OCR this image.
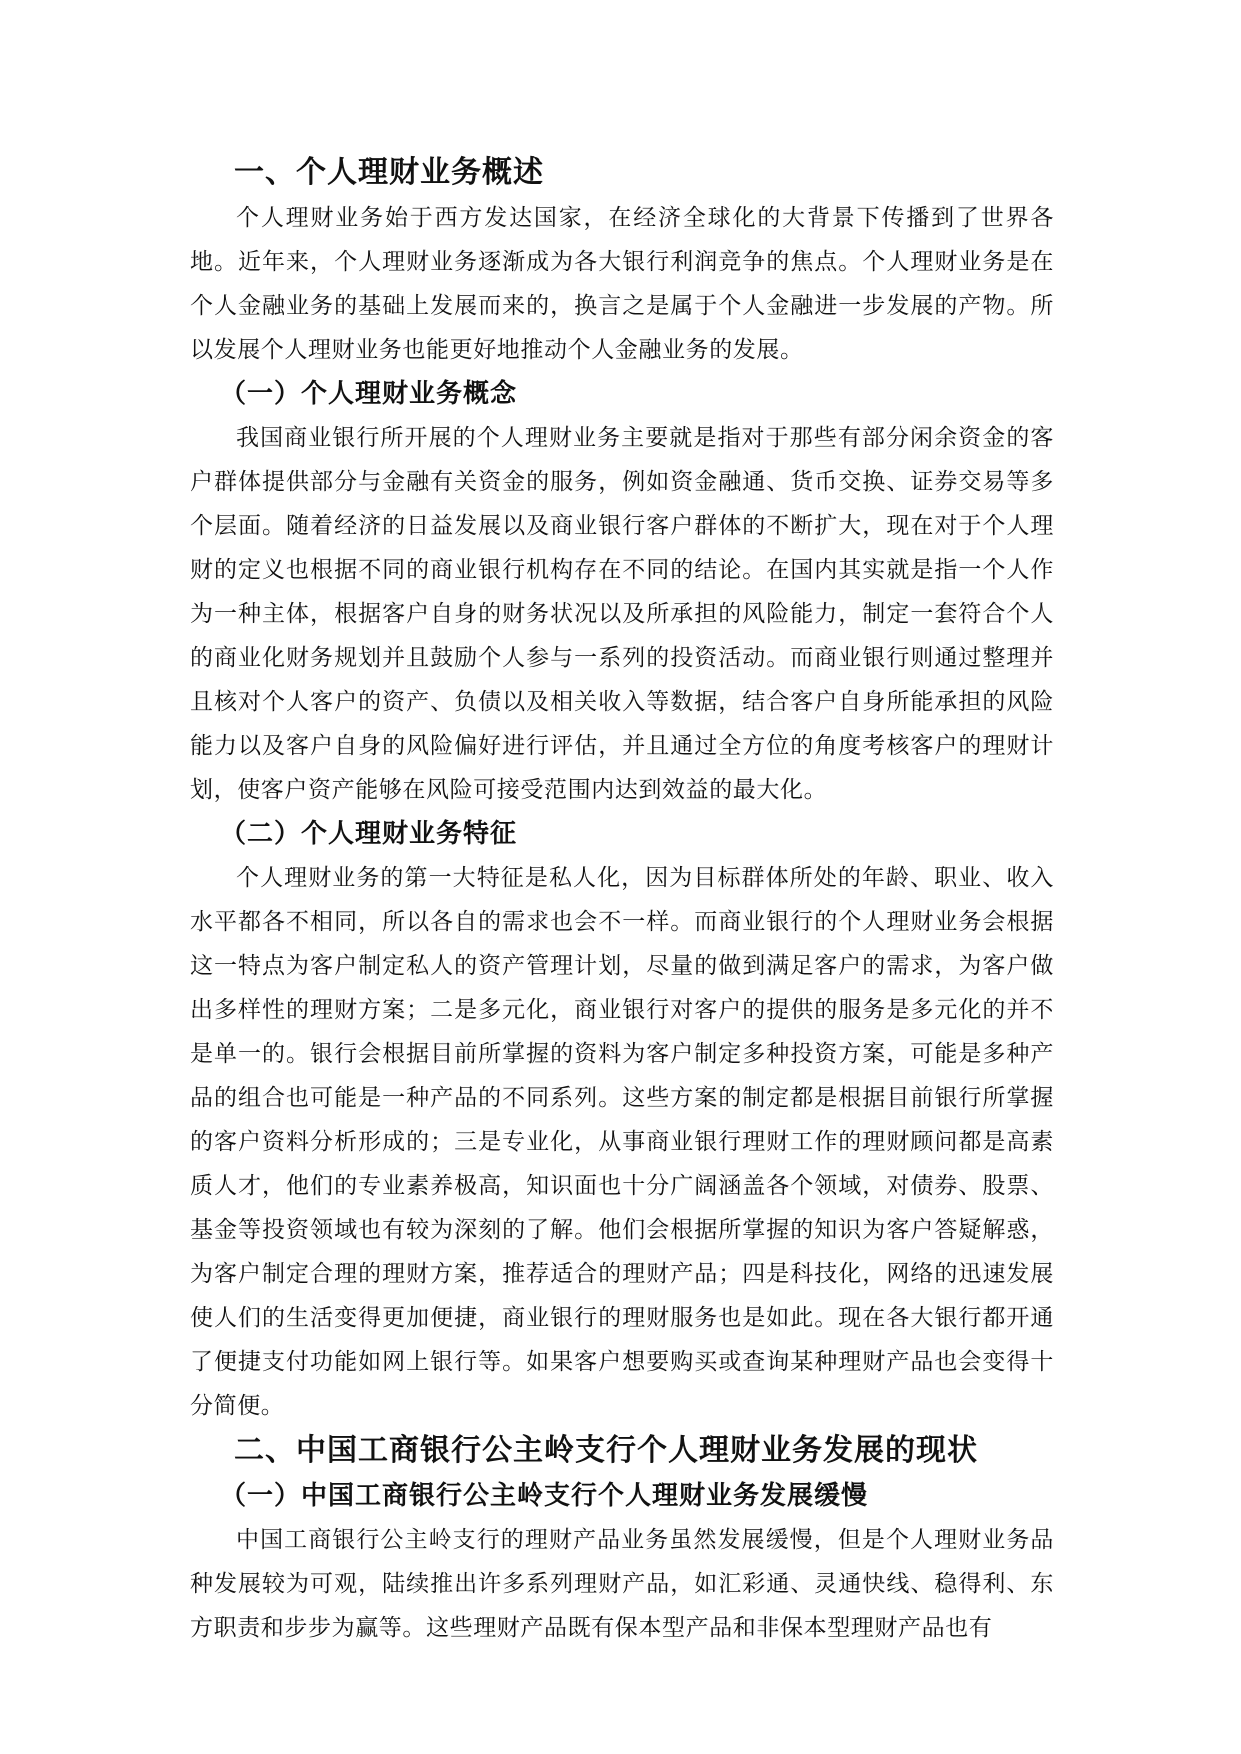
一、个人理财业务概述

个人理财业务始于西方发达国家，在经济全球化的大背景下传播到了世界各地。近年来，个人理财业务逐渐成为各大银行利润竞争的焦点。个人理财业务是在个人金融业务的基础上发展而来的，换言之是属于个人金融进一步发展的产物。所以发展个人理财业务也能更好地推动个人金融业务的发展。

（一）个人理财业务概念

我国商业银行所开展的个人理财业务主要就是指对于那些有部分闲余资金的客户群体提供部分与金融有关资金的服务，例如资金融通、货币交换、证券交易等多个层面。随着经济的日益发展以及商业银行客户群体的不断扩大，现在对于个人理财的定义也根据不同的商业银行机构存在不同的结论。在国内其实就是指一个人作为一种主体，根据客户自身的财务状况以及所承担的风险能力，制定一套符合个人的商业化财务规划并且鼓励个人参与一系列的投资活动。而商业银行则通过整理并且核对个人客户的资产、负债以及相关收入等数据，结合客户自身所能承担的风险能力以及客户自身的风险偏好进行评估，并且通过全方位的角度考核客户的理财计划，使客户资产能够在风险可接受范围内达到效益的最大化。

（二）个人理财业务特征

个人理财业务的第一大特征是私人化，因为目标群体所处的年龄、职业、收入水平都各不相同，所以各自的需求也会不一样。而商业银行的个人理财业务会根据这一特点为客户制定私人的资产管理计划，尽量的做到满足客户的需求，为客户做出多样性的理财方案；二是多元化，商业银行对客户的提供的服务是多元化的并不是单一的。银行会根据目前所掌握的资料为客户制定多种投资方案，可能是多种产品的组合也可能是一种产品的不同系列。这些方案的制定都是根据目前银行所掌握的客户资料分析形成的；三是专业化，从事商业银行理财工作的理财顾问都是高素质人才，他们的专业素养极高，知识面也十分广阔涵盖各个领域，对债券、股票、基金等投资领域也有较为深刻的了解。他们会根据所掌握的知识为客户答疑解惑，为客户制定合理的理财方案，推荐适合的理财产品；四是科技化，网络的迅速发展使人们的生活变得更加便捷，商业银行的理财服务也是如此。现在各大银行都开通了便捷支付功能如网上银行等。如果客户想要购买或查询某种理财产品也会变得十分简便。

二、中国工商银行公主岭支行个人理财业务发展的现状
（一）中国工商银行公主岭支行个人理财业务发展缓慢

中国工商银行公主岭支行的理财产品业务虽然发展缓慢，但是个人理财业务品种发展较为可观，陆续推出许多系列理财产品，如汇彩通、灵通快线、稳得利、东方职责和步步为赢等。这些理财产品既有保本型产品和非保本型理财产品也有
